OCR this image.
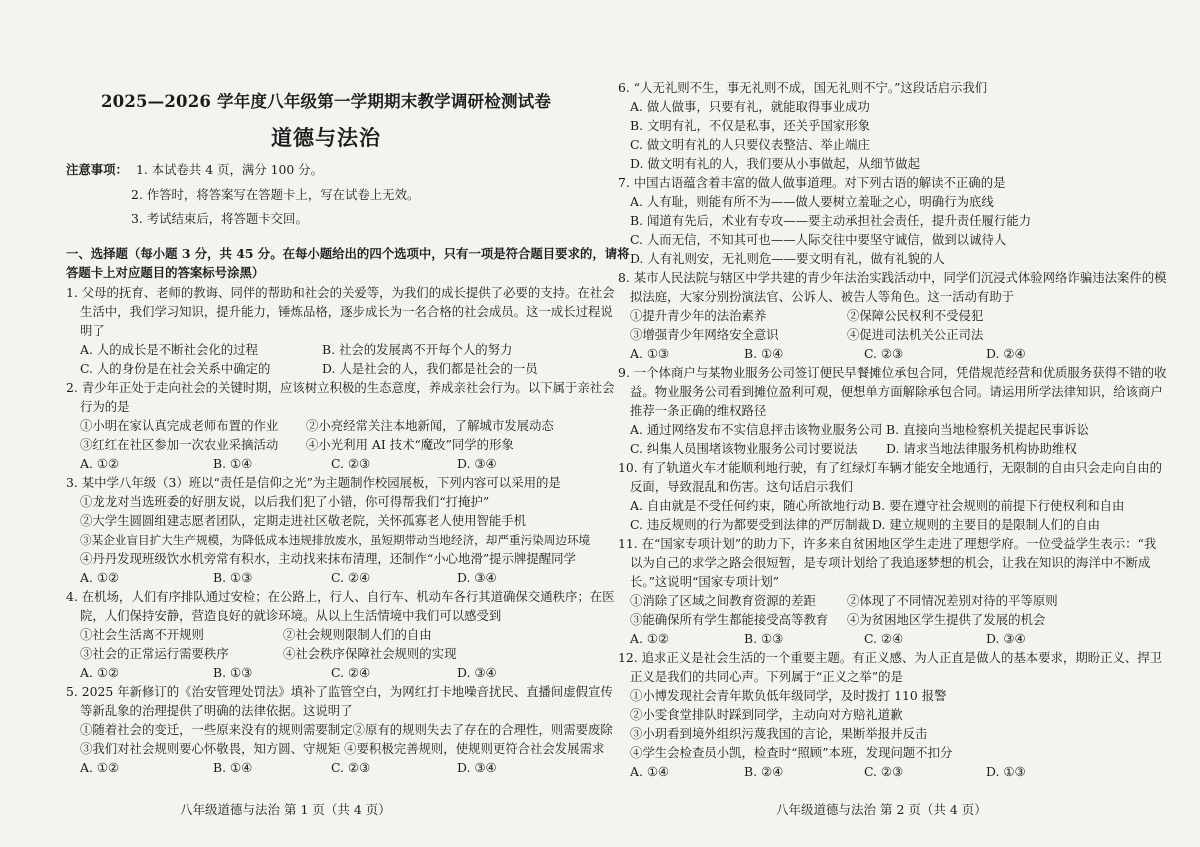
2025—2026 学年度八年级第一学期期末教学调研检测试卷
道德与法治
注意事项： 1. 本试卷共 4 页，满分 100 分。
2. 作答时，将答案写在答题卡上，写在试卷上无效。
3. 考试结束后，将答题卡交回。
一、选择题（每小题 3 分，共 45 分。在每小题给出的四个选项中，只有一项是符合题目要求的，请将
答题卡上对应题目的答案标号涂黑）
1. 父母的抚育、老师的教诲、同伴的帮助和社会的关爱等，为我们的成长提供了必要的支持。在社会
生活中，我们学习知识，提升能力，锤炼品格，逐步成长为一名合格的社会成员。这一成长过程说
明了
A. 人的成长是不断社会化的过程	B. 社会的发展离不开每个人的努力
C. 人的身份是在社会关系中确定的	D. 人是社会的人，我们都是社会的一员
2. 青少年正处于走向社会的关键时期，应该树立积极的生态意度，养成亲社会行为。以下属于亲社会
行为的是
①小明在家认真完成老师布置的作业 ②小亮经常关注本地新闻，了解城市发展动态
③红红在社区参加一次农业采摘活动 ④小光利用 AI 技术“魔改”同学的形象
A. ①②	B. ①④	C. ②③	D. ③④
3. 某中学八年级（3）班以“责任是信仰之光”为主题制作校园展板，下列内容可以采用的是
①龙龙对当选班委的好朋友说，以后我们犯了小错，你可得帮我们“打掩护”
②大学生圆圆组建志愿者团队，定期走进社区敬老院，关怀孤寡老人使用智能手机
③某企业盲目扩大生产规模，为降低成本违规排放废水，虽短期带动当地经济，却严重污染周边环境
④丹丹发现班级饮水机旁常有积水，主动找来抹布清理，还制作“小心地滑”提示牌提醒同学
A. ①②	B. ①③	C. ②④	D. ③④
4. 在机场，人们有序排队通过安检；在公路上，行人、自行车、机动车各行其道确保交通秩序；在医
院，人们保持安静，营造良好的就诊环境。从以上生活情境中我们可以感受到
①社会生活离不开规则	②社会规则限制人们的自由
③社会的正常运行需要秩序	④社会秩序保障社会规则的实现
A. ①②	B. ①③	C. ②④	D. ③④
5. 2025 年新修订的《治安管理处罚法》填补了监管空白，为网红打卡地噪音扰民、直播间虚假宣传
等新乱象的治理提供了明确的法律依据。这说明了
①随着社会的变迁，一些原来没有的规则需要制定②原有的规则失去了存在的合理性，则需要废除
③我们对社会规则要心怀敬畏，知方圆、守规矩 ④要积极完善规则，使规则更符合社会发展需求
A. ①②	B. ①④	C. ②③	D. ③④
八年级道德与法治 第 1 页（共 4 页）
6. “人无礼则不生，事无礼则不成，国无礼则不宁。”这段话启示我们
A. 做人做事，只要有礼，就能取得事业成功
B. 文明有礼，不仅是私事，还关乎国家形象
C. 做文明有礼的人只要仪表整洁、举止端庄
D. 做文明有礼的人，我们要从小事做起，从细节做起
7. 中国古语蕴含着丰富的做人做事道理。对下列古语的解读不正确的是
A. 人有耻，则能有所不为——做人要树立羞耻之心，明确行为底线
B. 闻道有先后，术业有专攻——要主动承担社会责任，提升责任履行能力
C. 人而无信，不知其可也——人际交往中要坚守诚信，做到以诚待人
D. 人有礼则安，无礼则危——要文明有礼，做有礼貌的人
8. 某市人民法院与辖区中学共建的青少年法治实践活动中，同学们沉浸式体验网络诈骗违法案件的模
拟法庭，大家分别扮演法官、公诉人、被告人等角色。这一活动有助于
①提升青少年的法治素养	②保障公民权利不受侵犯
③增强青少年网络安全意识	④促进司法机关公正司法
A. ①③	B. ①④	C. ②③	D. ②④
9. 一个体商户与某物业服务公司签订便民早餐摊位承包合同，凭借规范经营和优质服务获得不错的收
益。物业服务公司看到摊位盈利可观，便想单方面解除承包合同。请运用所学法律知识，给该商户
推荐一条正确的维权路径
A. 通过网络发布不实信息抨击该物业服务公司 B. 直接向当地检察机关提起民事诉讼
C. 纠集人员围堵该物业服务公司讨要说法 D. 请求当地法律服务机构协助维权
10. 有了轨道火车才能顺利地行驶，有了红绿灯车辆才能安全地通行，无限制的自由只会走向自由的
反面，导致混乱和伤害。这句话启示我们
A. 自由就是不受任何约束，随心所欲地行动 B. 要在遵守社会规则的前提下行使权利和自由
C. 违反规则的行为都要受到法律的严厉制裁 D. 建立规则的主要目的是限制人们的自由
11. 在“国家专项计划”的助力下，许多来自贫困地区学生走进了理想学府。一位受益学生表示：“我
以为自己的求学之路会很短暂，是专项计划给了我追逐梦想的机会，让我在知识的海洋中不断成
长。”这说明“国家专项计划”
①消除了区域之间教育资源的差距	②体现了不同情况差别对待的平等原则
③能确保所有学生都能接受高等教育 ④为贫困地区学生提供了发展的机会
A. ①②	B. ①③	C. ②④	D. ③④
12. 追求正义是社会生活的一个重要主题。有正义感、为人正直是做人的基本要求，期盼正义、捍卫
正义是我们的共同心声。下列属于“正义之举”的是
①小博发现社会青年欺负低年级同学，及时拨打 110 报警
②小雯食堂排队时踩到同学，主动向对方赔礼道歉
③小玥看到境外组织污蔑我国的言论，果断举报并反击
④学生会检查员小凯，检查时“照顾”本班，发现问题不扣分
A. ①④	B. ②④	C. ②③	D. ①③
八年级道德与法治 第 2 页（共 4 页）
